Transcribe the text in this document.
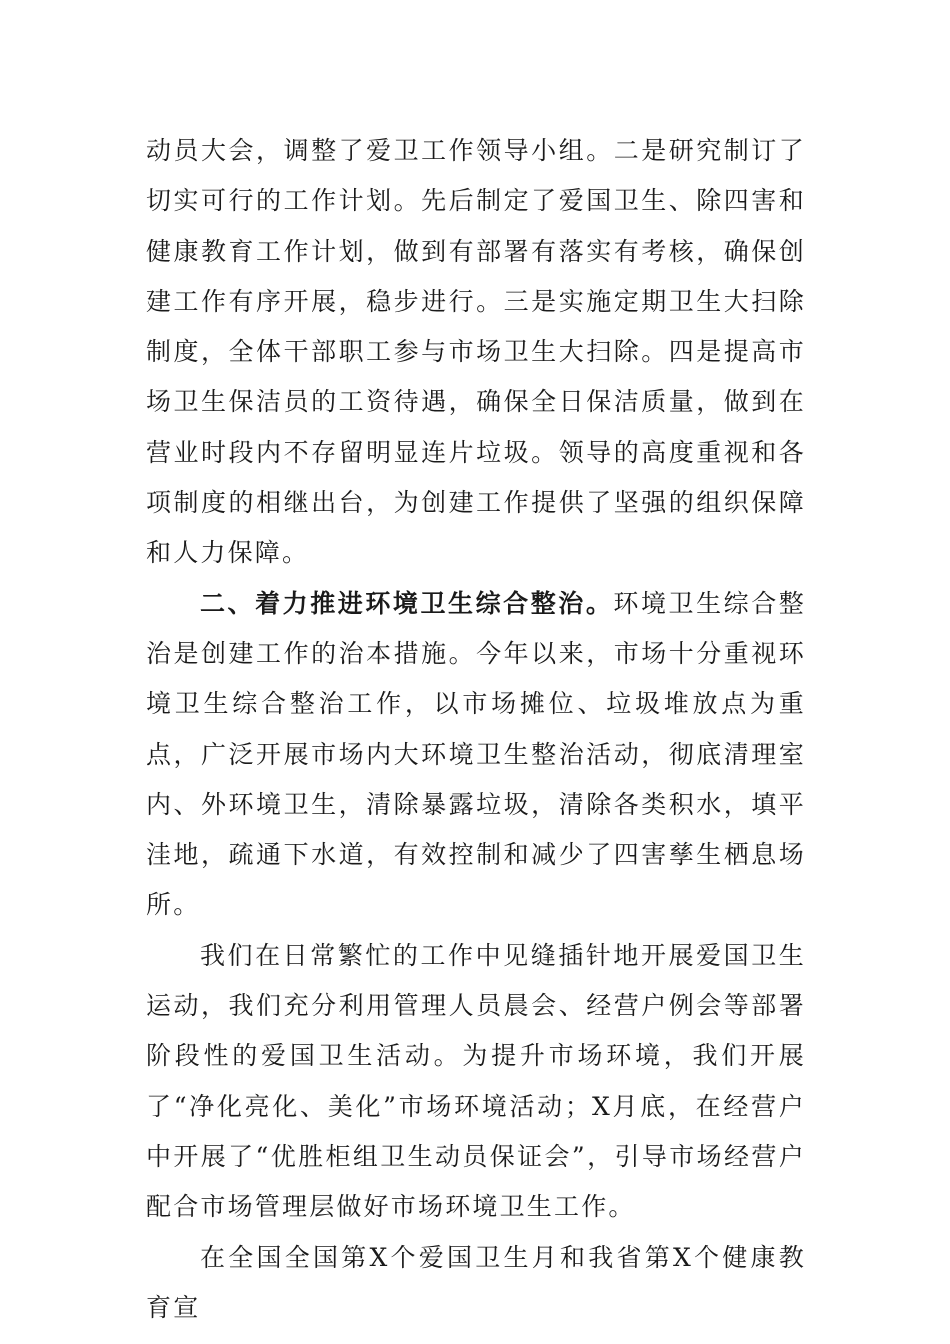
动员大会，调整了爱卫工作领导小组。二是研究制订了切实可行的工作计划。先后制定了爱国卫生、除四害和健康教育工作计划，做到有部署有落实有考核，确保创建工作有序开展，稳步进行。三是实施定期卫生大扫除制度，全体干部职工参与市场卫生大扫除。四是提高市场卫生保洁员的工资待遇，确保全日保洁质量，做到在营业时段内不存留明显连片垃圾。领导的高度重视和各项制度的相继出台，为创建工作提供了坚强的组织保障和人力保障。

二、着力推进环境卫生综合整治。环境卫生综合整治是创建工作的治本措施。今年以来，市场十分重视环境卫生综合整治工作，以市场摊位、垃圾堆放点为重点，广泛开展市场内大环境卫生整治活动，彻底清理室内、外环境卫生，清除暴露垃圾，清除各类积水，填平洼地，疏通下水道，有效控制和减少了四害孳生栖息场所。

我们在日常繁忙的工作中见缝插针地开展爱国卫生运动，我们充分利用管理人员晨会、经营户例会等部署阶段性的爱国卫生活动。为提升市场环境，我们开展了“净化亮化、美化”市场环境活动；X月底，在经营户中开展了“优胜柜组卫生动员保证会”，引导市场经营户配合市场管理层做好市场环境卫生工作。

在全国全国第X个爱国卫生月和我省第X个健康教育宣
